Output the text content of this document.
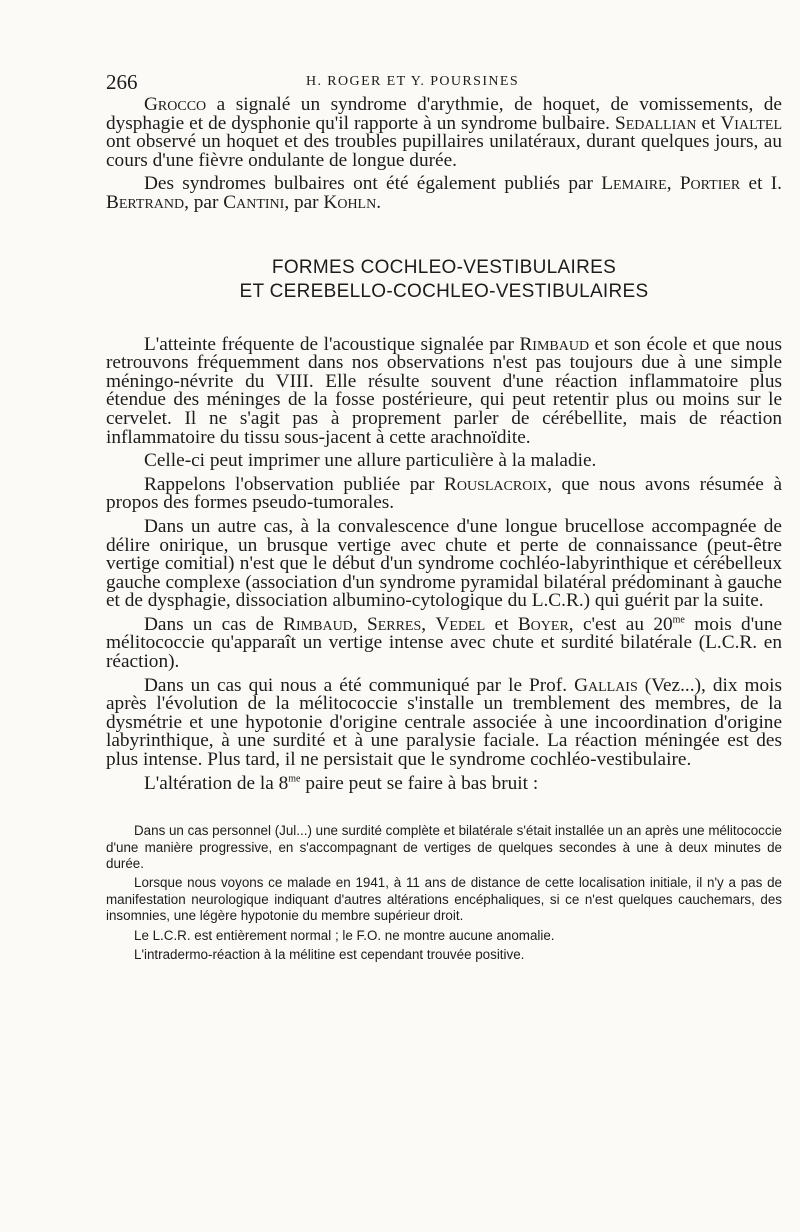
266	H. ROGER ET Y. POURSINES

Grocco a signalé un syndrome d'arythmie, de hoquet, de vomissements, de dysphagie et de dysphonie qu'il rapporte à un syndrome bulbaire. Sedallian et Vialtel ont observé un hoquet et des troubles pupillaires unilatéraux, durant quelques jours, au cours d'une fièvre ondulante de longue durée.

Des syndromes bulbaires ont été également publiés par Lemaire, Portier et I. Bertrand, par Cantini, par Kohln.

FORMES COCHLEO-VESTIBULAIRES
ET CEREBELLO-COCHLEO-VESTIBULAIRES

L'atteinte fréquente de l'acoustique signalée par Rimbaud et son école et que nous retrouvons fréquemment dans nos observations n'est pas toujours due à une simple méningo-névrite du VIII. Elle résulte souvent d'une réaction inflammatoire plus étendue des méninges de la fosse postérieure, qui peut retentir plus ou moins sur le cervelet. Il ne s'agit pas à proprement parler de cérébellite, mais de réaction inflammatoire du tissu sous-jacent à cette arachnoïdite.

Celle-ci peut imprimer une allure particulière à la maladie.

Rappelons l'observation publiée par Rouslacroix, que nous avons résumée à propos des formes pseudo-tumorales.

Dans un autre cas, à la convalescence d'une longue brucellose accompagnée de délire onirique, un brusque vertige avec chute et perte de connaissance (peut-être vertige comitial) n'est que le début d'un syndrome cochléo-labyrinthique et cérébelleux gauche complexe (association d'un syndrome pyramidal bilatéral prédominant à gauche et de dysphagie, dissociation albumino-cytologique du L.C.R.) qui guérit par la suite.

Dans un cas de Rimbaud, Serres, Vedel et Boyer, c'est au $20^{me}$ mois d'une mélitococcie qu'apparaît un vertige intense avec chute et surdité bilatérale (L.C.R. en réaction).

Dans un cas qui nous a été communiqué par le Prof. Gallais (Vez...), dix mois après l'évolution de la mélitococcie s'installe un tremblement des membres, de la dysmétrie et une hypotonie d'origine centrale associée à une incoordination d'origine labyrinthique, à une surdité et à une paralysie faciale. La réaction méningée est des plus intense. Plus tard, il ne persistait que le syndrome cochléo-vestibulaire.

L'altération de la $8^{me}$ paire peut se faire à bas bruit :

Dans un cas personnel (Jul...) une surdité complète et bilatérale s'était installée un an après une mélitococcie d'une manière progressive, en s'accompagnant de vertiges de quelques secondes à une à deux minutes de durée.

Lorsque nous voyons ce malade en 1941, à 11 ans de distance de cette localisation initiale, il n'y a pas de manifestation neurologique indiquant d'autres altérations encéphaliques, si ce n'est quelques cauchemars, des insomnies, une légère hypotonie du membre supérieur droit.

Le L.C.R. est entièrement normal ; le F.O. ne montre aucune anomalie.

L'intradermo-réaction à la mélitine est cependant trouvée positive.
